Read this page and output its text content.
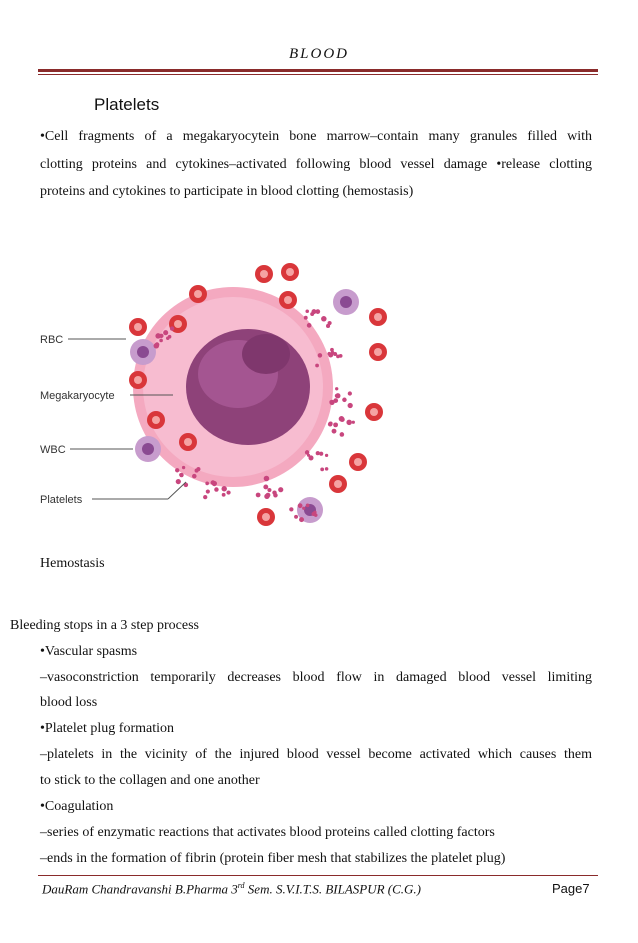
BLOOD
Platelets
•Cell fragments of a megakaryocytein bone marrow–contain many granules filled with
clotting proteins and cytokines–activated following blood vessel damage •release clotting
proteins and cytokines to participate in blood clotting (hemostasis)
RBC
Megakaryocyte
WBC
Platelets
Hemostasis
Bleeding stops in a 3 step process
•Vascular spasms
–vasoconstriction temporarily decreases blood flow in damaged blood vessel limiting
blood loss
•Platelet plug formation
–platelets in the vicinity of the injured blood vessel become activated which causes them
to stick to the collagen and one another
•Coagulation
–series of enzymatic reactions that activates blood proteins called clotting factors
–ends in the formation of fibrin (protein fiber mesh that stabilizes the platelet plug)
DauRam Chandravanshi B.Pharma 3rd Sem. S.V.I.T.S. BILASPUR (C.G.)	Page7
